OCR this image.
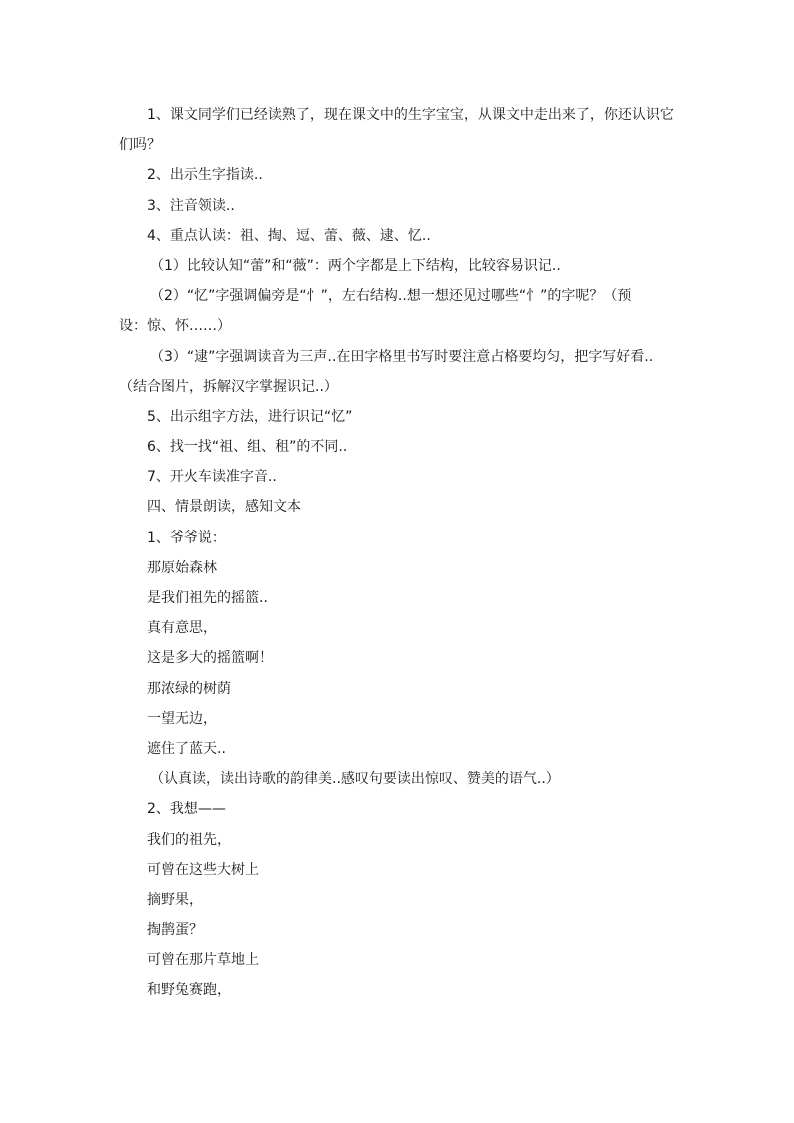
1、课文同学们已经读熟了，现在课文中的生字宝宝，从课文中走出来了，你还认识它
们吗？
2、出示生字指读..
3、注音领读..
4、重点认读：祖、掏、逗、蕾、薇、逮、忆..
（1）比较认知“蕾”和“薇”：两个字都是上下结构，比较容易识记..
（2）“忆”字强调偏旁是“忄”，左右结构..想一想还见过哪些“忄”的字呢？（预
设：惊、怀……）
（3）“逮”字强调读音为三声..在田字格里书写时要注意占格要均匀，把字写好看..
（结合图片，拆解汉字掌握识记..）
5、出示组字方法，进行识记“忆”
6、找一找“祖、组、租”的不同..
7、开火车读准字音..
四、情景朗读，感知文本
1、爷爷说：
那原始森林
是我们祖先的摇篮..
真有意思，
这是多大的摇篮啊！
那浓绿的树荫
一望无边，
遮住了蓝天..
（认真读，读出诗歌的韵律美..感叹句要读出惊叹、赞美的语气..）
2、我想——
我们的祖先，
可曾在这些大树上
摘野果，
掏鹊蛋？
可曾在那片草地上
和野兔赛跑，
